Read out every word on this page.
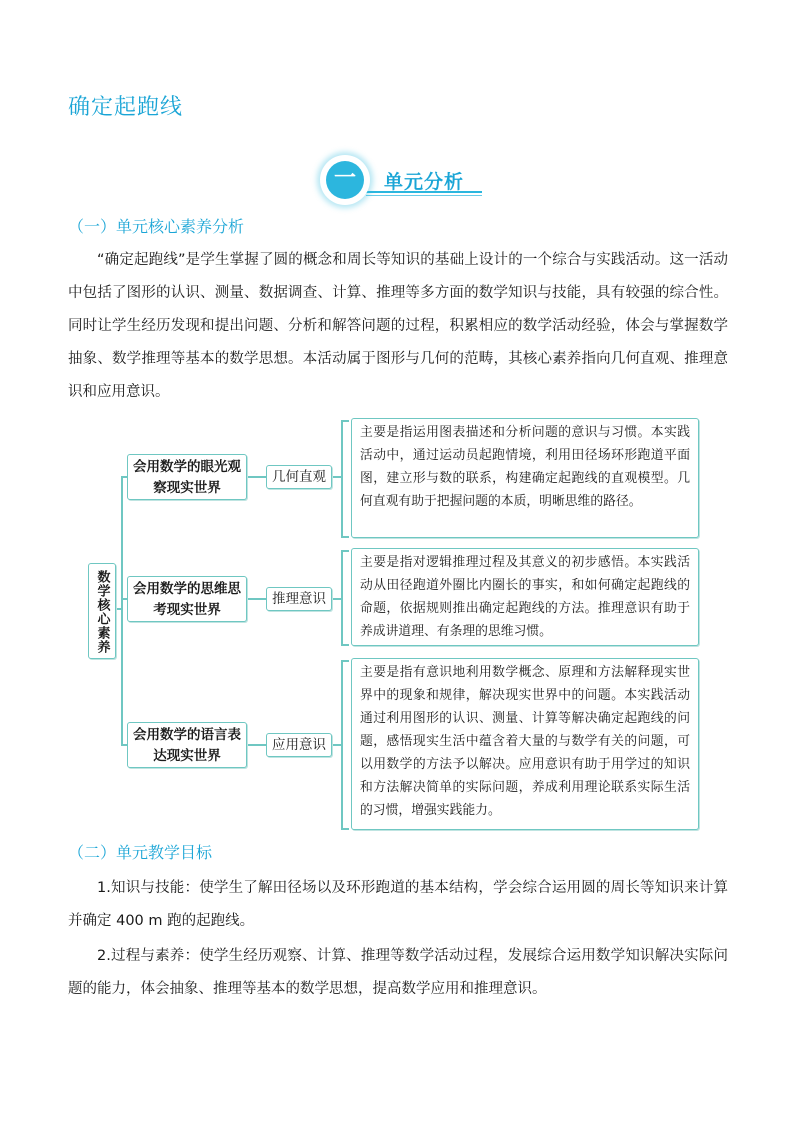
确定起跑线
一	单元分析
（一）单元核心素养分析

“确定起跑线”是学生掌握了圆的概念和周长等知识的基础上设计的一个综合与实践活动。这一活动中包括了图形的认识、测量、数据调查、计算、推理等多方面的数学知识与技能，具有较强的综合性。同时让学生经历发现和提出问题、分析和解答问题的过程，积累相应的数学活动经验，体会与掌握数学抽象、数学推理等基本的数学思想。本活动属于图形与几何的范畴，其核心素养指向几何直观、推理意识和应用意识。

数学核心素养
会用数学的眼光观察现实世界
会用数学的思维思考现实世界
会用数学的语言表达现实世界
几何直观
推理意识
应用意识
主要是指运用图表描述和分析问题的意识与习惯。本实践活动中，通过运动员起跑情境，利用田径场环形跑道平面图，建立形与数的联系，构建确定起跑线的直观模型。几何直观有助于把握问题的本质，明晰思维的路径。
主要是指对逻辑推理过程及其意义的初步感悟。本实践活动从田径跑道外圈比内圈长的事实，和如何确定起跑线的命题，依据规则推出确定起跑线的方法。推理意识有助于养成讲道理、有条理的思维习惯。
主要是指有意识地利用数学概念、原理和方法解释现实世界中的现象和规律，解决现实世界中的问题。本实践活动通过利用图形的认识、测量、计算等解决确定起跑线的问题，感悟现实生活中蕴含着大量的与数学有关的问题，可以用数学的方法予以解决。应用意识有助于用学过的知识和方法解决简单的实际问题，养成利用理论联系实际生活的习惯，增强实践能力。
（二）单元教学目标

1.知识与技能：使学生了解田径场以及环形跑道的基本结构，学会综合运用圆的周长等知识来计算并确定 400 m 跑的起跑线。

2.过程与素养：使学生经历观察、计算、推理等数学活动过程，发展综合运用数学知识解决实际问题的能力，体会抽象、推理等基本的数学思想，提高数学应用和推理意识。
